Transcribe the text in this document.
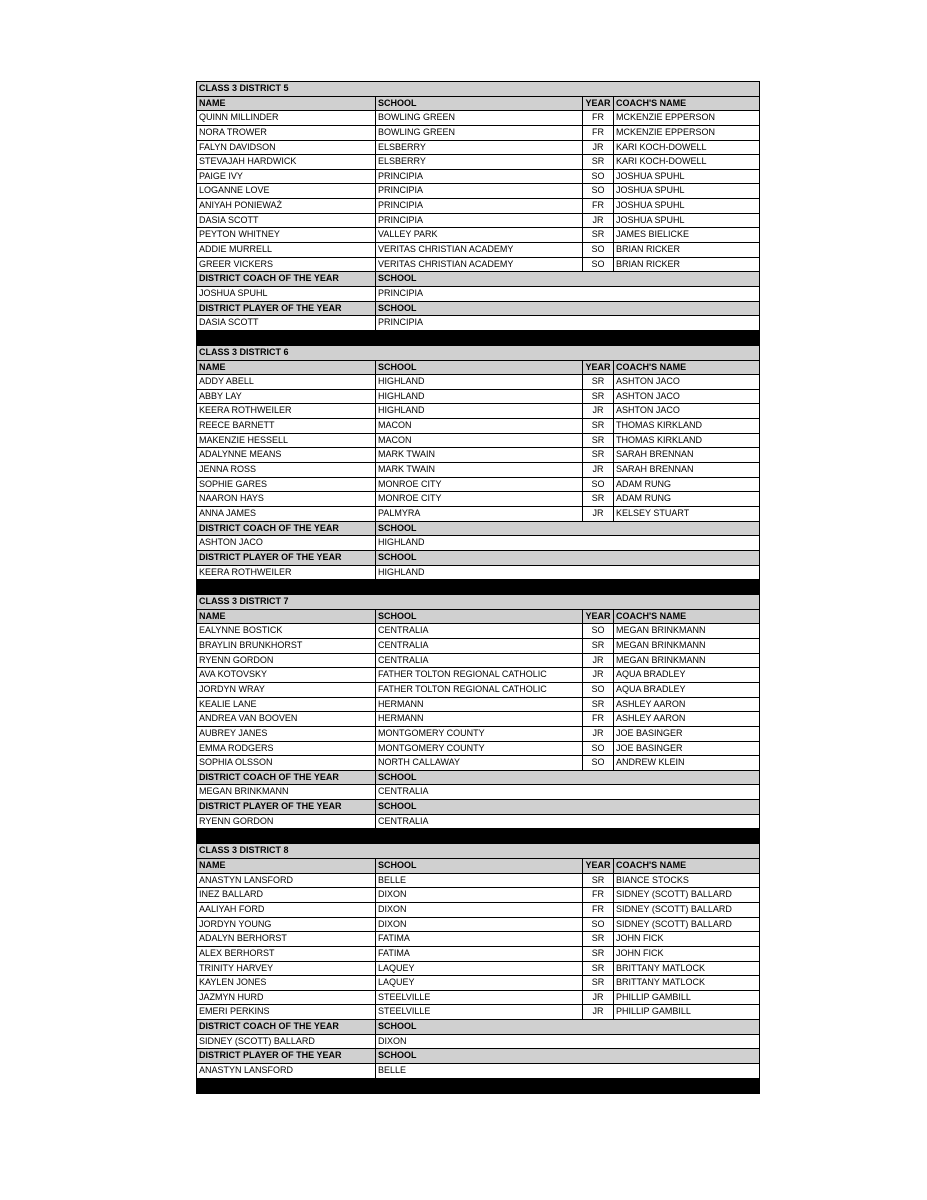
CLASS 3 DISTRICT 5
NAME	SCHOOL	YEAR COACH'S NAME
QUINN MILLINDER	BOWLING GREEN	FR	MCKENZIE EPPERSON
NORA TROWER	BOWLING GREEN	FR	MCKENZIE EPPERSON
FALYN DAVIDSON	ELSBERRY	JR	KARI KOCH-DOWELL
STEVAJAH HARDWICK	ELSBERRY	SR	KARI KOCH-DOWELL
PAIGE IVY	PRINCIPIA	SO	JOSHUA SPUHL
LOGANNE LOVE	PRINCIPIA	SO	JOSHUA SPUHL
ANIYAH PONIEWAŻ	PRINCIPIA	FR	JOSHUA SPUHL
DASIA SCOTT	PRINCIPIA	JR	JOSHUA SPUHL
PEYTON WHITNEY	VALLEY PARK	SR	JAMES BIELICKE
ADDIE MURRELL	VERITAS CHRISTIAN ACADEMY	SO	BRIAN RICKER
GREER VICKERS	VERITAS CHRISTIAN ACADEMY	SO	BRIAN RICKER
DISTRICT COACH OF THE YEAR	SCHOOL
JOSHUA SPUHL	PRINCIPIA
DISTRICT PLAYER OF THE YEAR	SCHOOL
DASIA SCOTT	PRINCIPIA
CLASS 3 DISTRICT 6
NAME	SCHOOL	YEAR COACH'S NAME
ADDY ABELL	HIGHLAND	SR	ASHTON JACO
ABBY LAY	HIGHLAND	SR	ASHTON JACO
KEERA ROTHWEILER	HIGHLAND	JR	ASHTON JACO
REECE BARNETT	MACON	SR	THOMAS KIRKLAND
MAKENZIE HESSELL	MACON	SR	THOMAS KIRKLAND
ADALYNNE MEANS	MARK TWAIN	SR	SARAH BRENNAN
JENNA ROSS	MARK TWAIN	JR	SARAH BRENNAN
SOPHIE GARES	MONROE CITY	SO	ADAM RUNG
NAARON HAYS	MONROE CITY	SR	ADAM RUNG
ANNA JAMES	PALMYRA	JR	KELSEY STUART
DISTRICT COACH OF THE YEAR	SCHOOL
ASHTON JACO	HIGHLAND
DISTRICT PLAYER OF THE YEAR	SCHOOL
KEERA ROTHWEILER	HIGHLAND
CLASS 3 DISTRICT 7
NAME	SCHOOL	YEAR COACH'S NAME
EALYNNE BOSTICK	CENTRALIA	SO	MEGAN BRINKMANN
BRAYLIN BRUNKHORST	CENTRALIA	SR	MEGAN BRINKMANN
RYENN GORDON	CENTRALIA	JR	MEGAN BRINKMANN
AVA KOTOVSKY	FATHER TOLTON REGIONAL CATHOLIC	JR	AQUA BRADLEY
JORDYN WRAY	FATHER TOLTON REGIONAL CATHOLIC	SO	AQUA BRADLEY
KEALIE LANE	HERMANN	SR	ASHLEY AARON
ANDREA VAN BOOVEN	HERMANN	FR	ASHLEY AARON
AUBREY JANES	MONTGOMERY COUNTY	JR	JOE BASINGER
EMMA RODGERS	MONTGOMERY COUNTY	SO	JOE BASINGER
SOPHIA OLSSON	NORTH CALLAWAY	SO	ANDREW KLEIN
DISTRICT COACH OF THE YEAR	SCHOOL
MEGAN BRINKMANN	CENTRALIA
DISTRICT PLAYER OF THE YEAR	SCHOOL
RYENN GORDON	CENTRALIA
CLASS 3 DISTRICT 8
NAME	SCHOOL	YEAR COACH'S NAME
ANASTYN LANSFORD	BELLE	SR	BIANCE STOCKS
INEZ BALLARD	DIXON	FR	SIDNEY (SCOTT) BALLARD
AALIYAH FORD	DIXON	FR	SIDNEY (SCOTT) BALLARD
JORDYN YOUNG	DIXON	SO	SIDNEY (SCOTT) BALLARD
ADALYN BERHORST	FATIMA	SR	JOHN FICK
ALEX BERHORST	FATIMA	SR	JOHN FICK
TRINITY HARVEY	LAQUEY	SR	BRITTANY MATLOCK
KAYLEN JONES	LAQUEY	SR	BRITTANY MATLOCK
JAZMYN HURD	STEELVILLE	JR	PHILLIP GAMBILL
EMERI PERKINS	STEELVILLE	JR	PHILLIP GAMBILL
DISTRICT COACH OF THE YEAR	SCHOOL
SIDNEY (SCOTT) BALLARD	DIXON
DISTRICT PLAYER OF THE YEAR	SCHOOL
ANASTYN LANSFORD	BELLE
